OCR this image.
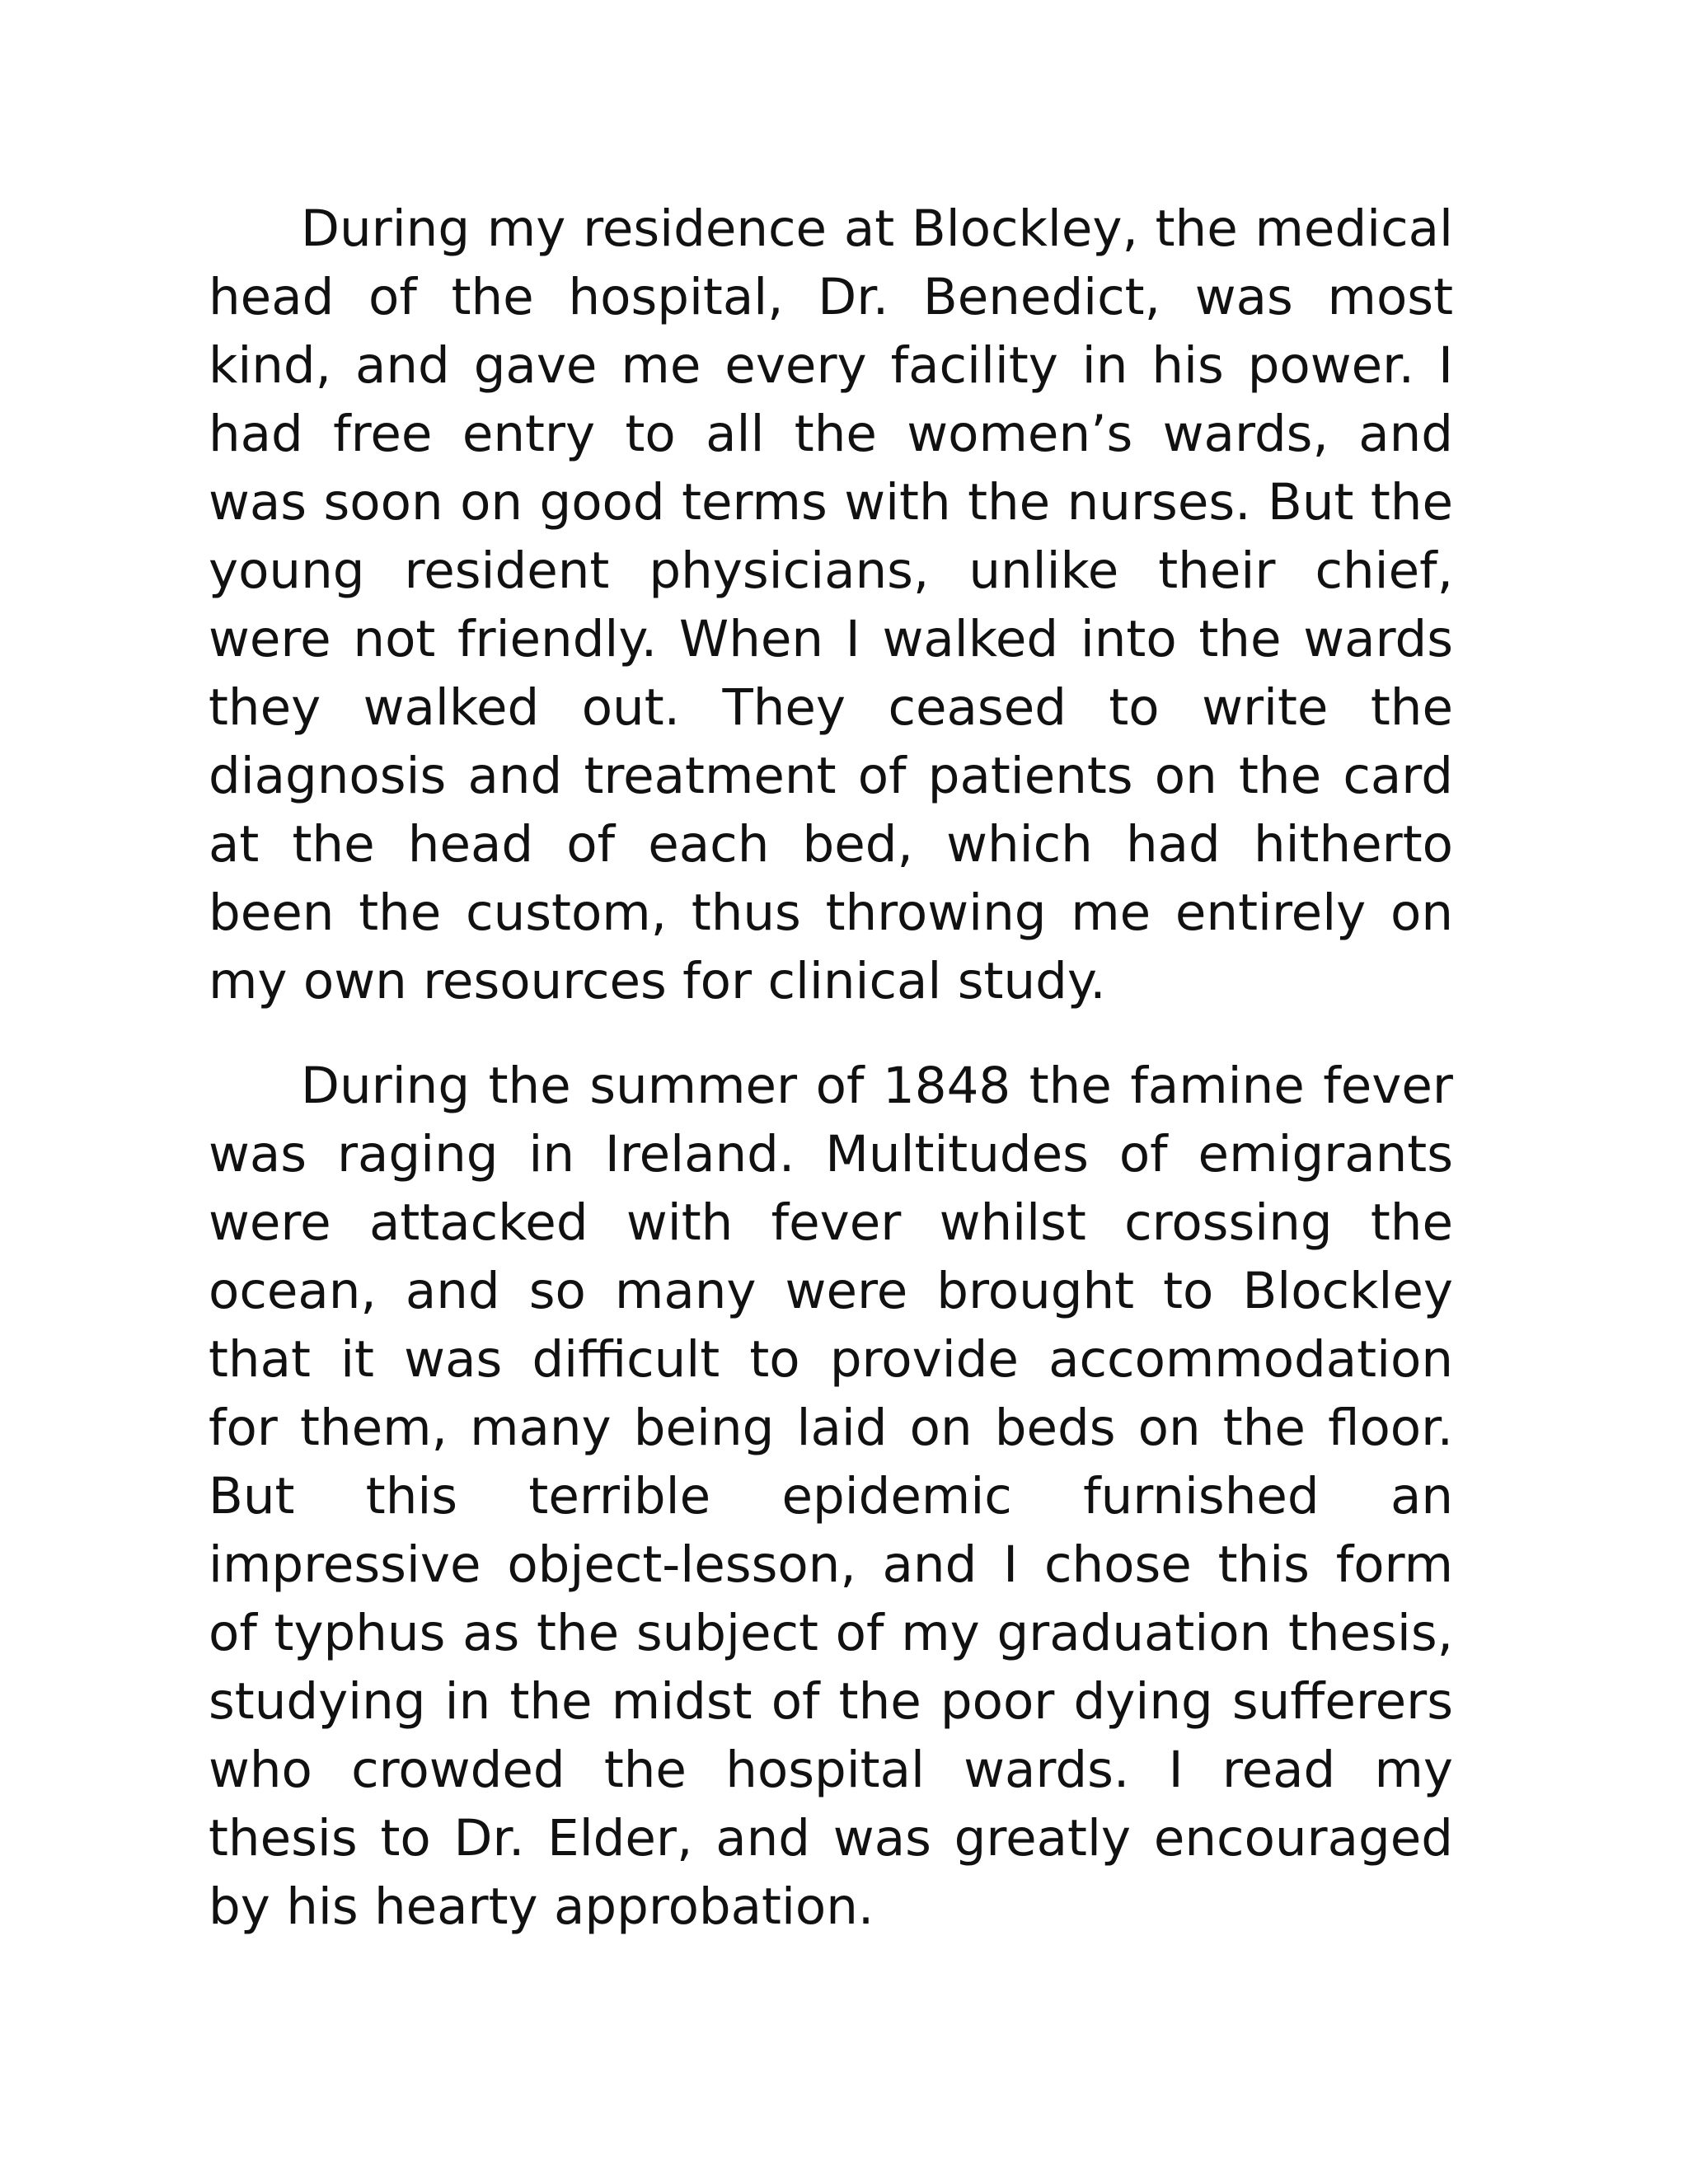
During my residence at Blockley, the medical head of the hospital, Dr. Benedict, was most kind, and gave me every facility in his power. I had free entry to all the women’s wards, and was soon on good terms with the nurses. But the young resident physicians, unlike their chief, were not friendly. When I walked into the wards they walked out. They ceased to write the diagnosis and treatment of patients on the card at the head of each bed, which had hitherto been the custom, thus throwing me entirely on my own resources for clinical study.

During the summer of 1848 the famine fever was raging in Ireland. Multitudes of emigrants were attacked with fever whilst crossing the ocean, and so many were brought to Blockley that it was difficult to provide accommodation for them, many being laid on beds on the floor. But this terrible epidemic furnished an impressive object-lesson, and I chose this form of typhus as the subject of my graduation thesis, studying in the midst of the poor dying sufferers who crowded the hospital wards. I read my thesis to Dr. Elder, and was greatly encouraged by his hearty approbation.
